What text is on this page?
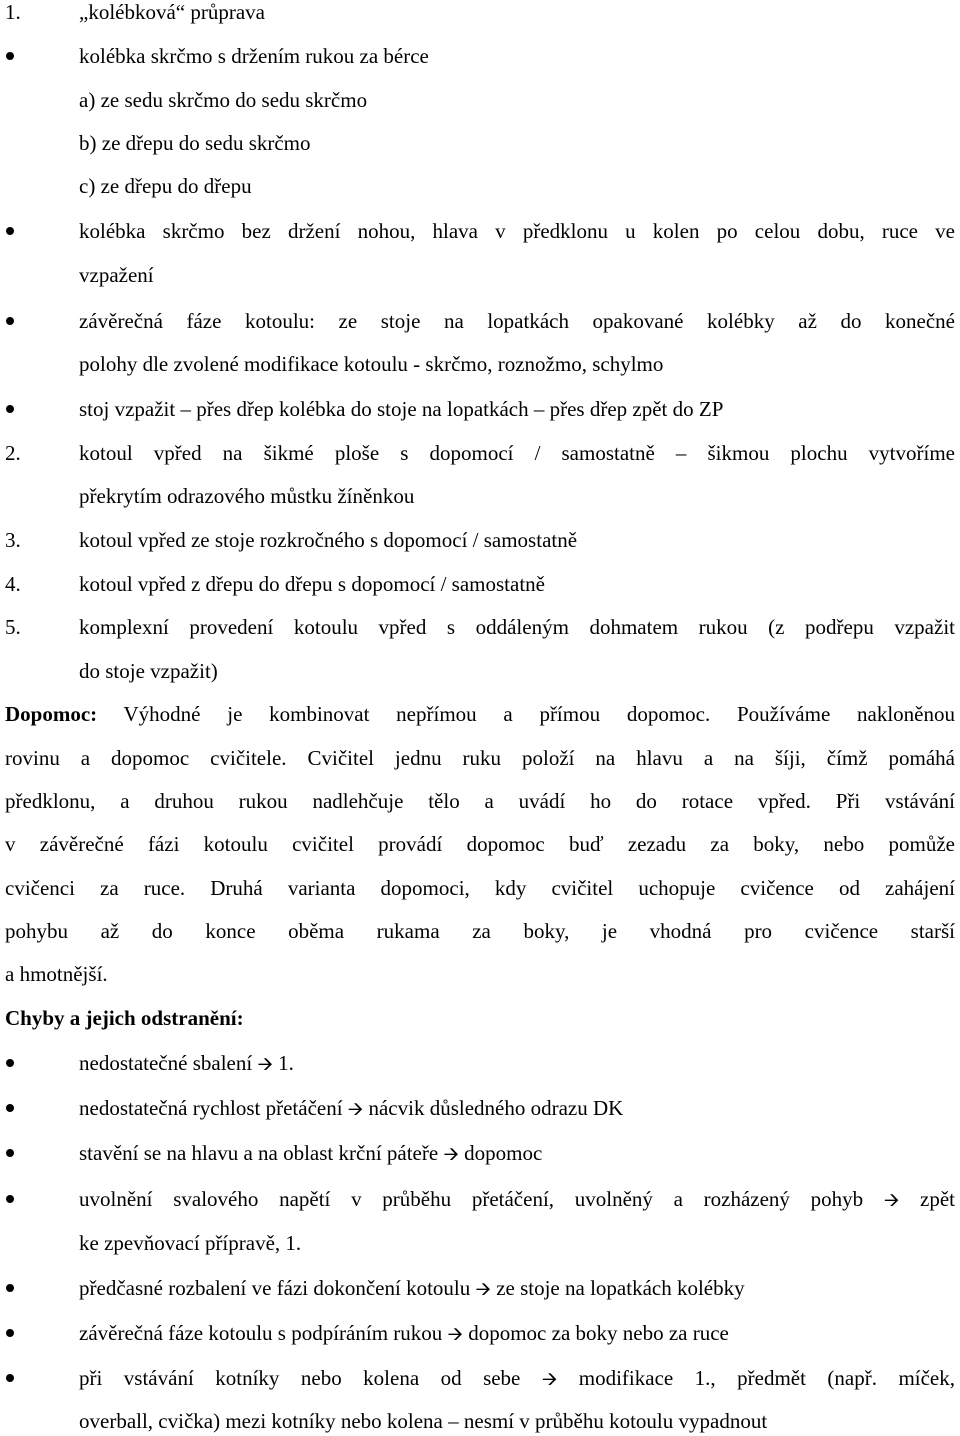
1.	„kolébková“ průprava
kolébka skrčmo s držením rukou za bérce
a) ze sedu skrčmo do sedu skrčmo
b) ze dřepu do sedu skrčmo
c) ze dřepu do dřepu
kolébka skrčmo bez držení nohou, hlava v předklonu u kolen po celou dobu, ruce ve
vzpažení
závěrečná fáze kotoulu: ze stoje na lopatkách opakované kolébky až do konečné
polohy dle zvolené modifikace kotoulu - skrčmo, roznožmo, schylmo
stoj vzpažit – přes dřep kolébka do stoje na lopatkách – přes dřep zpět do ZP
2.	kotoul vpřed na šikmé ploše s dopomocí / samostatně – šikmou plochu vytvoříme
překrytím odrazového můstku žíněnkou
3.	kotoul vpřed ze stoje rozkročného s dopomocí / samostatně
4.	kotoul vpřed z dřepu do dřepu s dopomocí / samostatně
5.	komplexní provedení kotoulu vpřed s oddáleným dohmatem rukou (z podřepu vzpažit
do stoje vzpažit)
Dopomoc: Výhodné je kombinovat nepřímou a přímou dopomoc. Používáme nakloněnou
rovinu a dopomoc cvičitele. Cvičitel jednu ruku položí na hlavu a na šíji, čímž pomáhá
předklonu, a druhou rukou nadlehčuje tělo a uvádí ho do rotace vpřed. Při vstávání
v závěrečné fázi kotoulu cvičitel provádí dopomoc buď zezadu za boky, nebo pomůže
cvičenci za ruce. Druhá varianta dopomoci, kdy cvičitel uchopuje cvičence od zahájení
pohybu až do konce oběma rukama za boky, je vhodná pro cvičence starší
a hmotnější.
Chyby a jejich odstranění:
nedostatečné sbalení 🡪 1.
nedostatečná rychlost přetáčení 🡪 nácvik důsledného odrazu DK
stavění se na hlavu a na oblast krční páteře 🡪 dopomoc
uvolnění svalového napětí v průběhu přetáčení, uvolněný a rozházený pohyb 🡪 zpět
ke zpevňovací přípravě, 1.
předčasné rozbalení ve fázi dokončení kotoulu 🡪 ze stoje na lopatkách kolébky
závěrečná fáze kotoulu s podpíráním rukou 🡪 dopomoc za boky nebo za ruce
při vstávání kotníky nebo kolena od sebe 🡪 modifikace 1., předmět (např. míček,
overball, cvička) mezi kotníky nebo kolena – nesmí v průběhu kotoulu vypadnout
